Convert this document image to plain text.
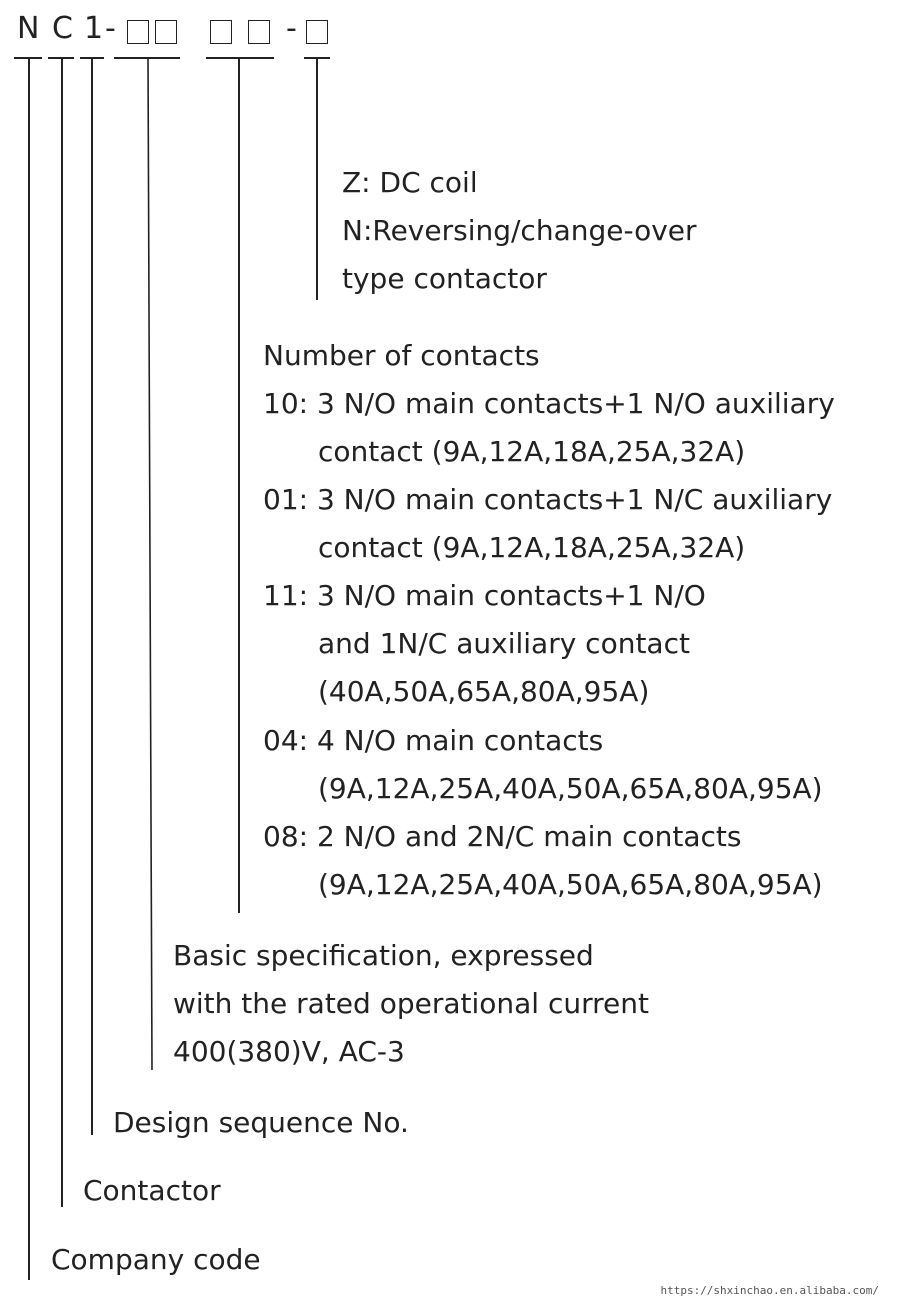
N C 1 -	-
Z: DC coil
N:Reversing/change-over
type contactor
Number of contacts
10: 3 N/O main contacts+1 N/O auxiliary
contact (9A,12A,18A,25A,32A)
01: 3 N/O main contacts+1 N/C auxiliary
contact (9A,12A,18A,25A,32A)
11: 3 N/O main contacts+1 N/O
and 1N/C auxiliary contact
(40A,50A,65A,80A,95A)
04: 4 N/O main contacts
(9A,12A,25A,40A,50A,65A,80A,95A)
08: 2 N/O and 2N/C main contacts
(9A,12A,25A,40A,50A,65A,80A,95A)
Basic specification, expressed
with the rated operational current
400(380)V, AC-3
Design sequence No.
Contactor
Company code
https://shxinchao.en.alibaba.com/
